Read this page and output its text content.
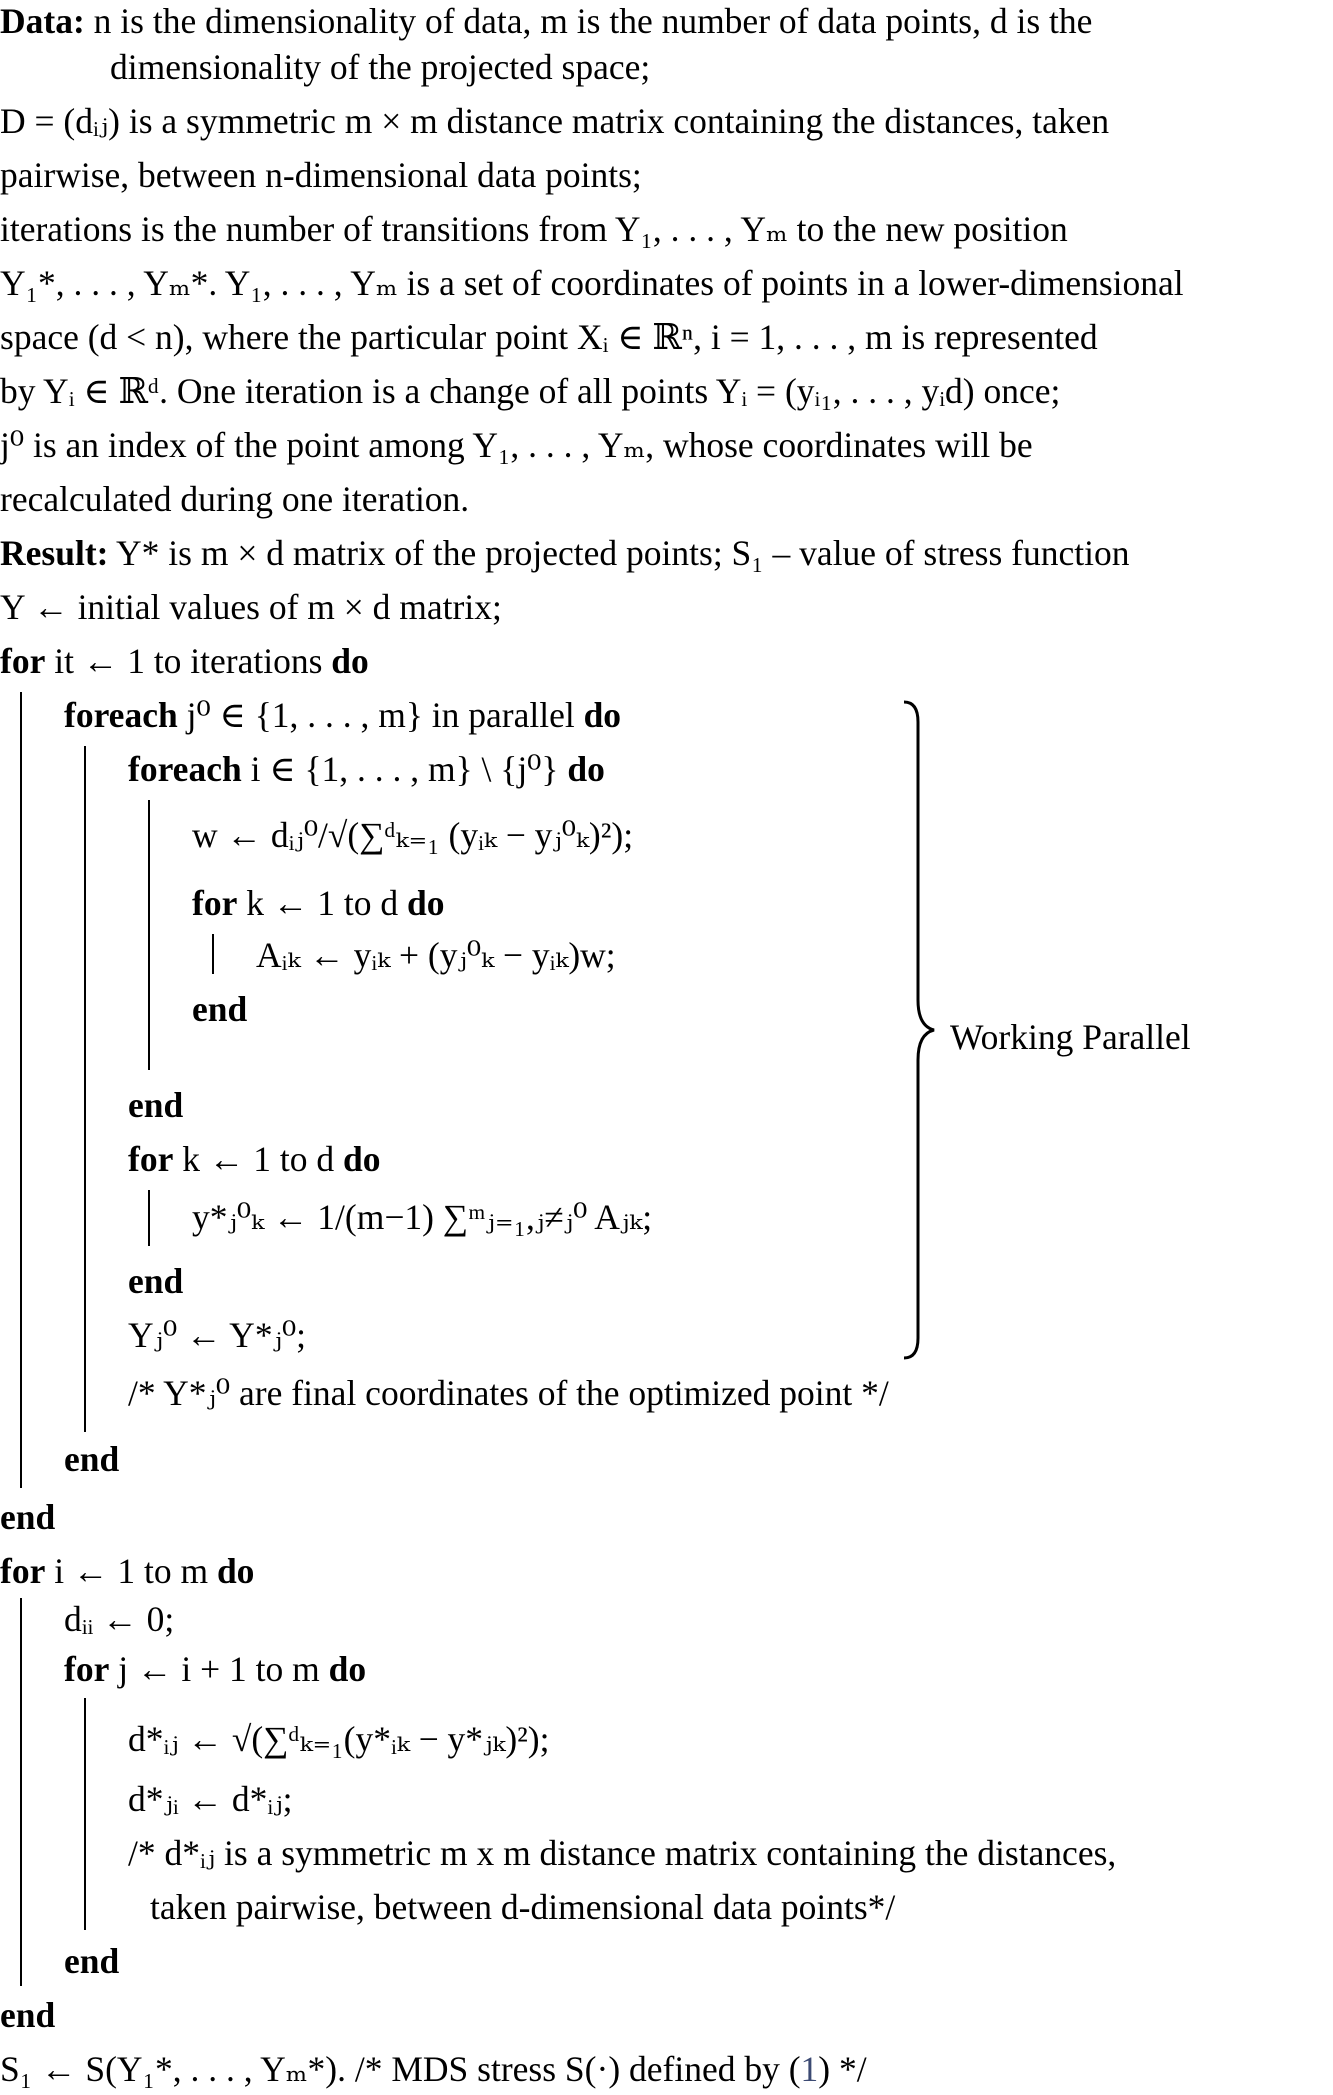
Data: n is the dimensionality of data, m is the number of data points, d is the
dimensionality of the projected space;
D = (dᵢⱼ) is a symmetric m × m distance matrix containing the distances, taken
pairwise, between n-dimensional data points;
iterations is the number of transitions from Y₁, . . . , Yₘ to the new position
Y₁*, . . . , Yₘ*. Y₁, . . . , Yₘ is a set of coordinates of points in a lower-dimensional
space (d < n), where the particular point Xᵢ ∈ ℝⁿ, i = 1, . . . , m is represented
by Yᵢ ∈ ℝᵈ. One iteration is a change of all points Yᵢ = (yᵢ₁, . . . , yᵢd) once;
j⁰ is an index of the point among Y₁, . . . , Yₘ, whose coordinates will be
recalculated during one iteration.
Result: Y* is m × d matrix of the projected points; S₁ – value of stress function
Y ← initial values of m × d matrix;
for it ← 1 to iterations do
foreach j⁰ ∈ {1, . . . , m} in parallel do
foreach i ∈ {1, . . . , m} \ {j⁰} do
w ← dᵢⱼ⁰/√(∑ᵈₖ₌₁ (yᵢₖ − yⱼ⁰ₖ)²);
for k ← 1 to d do
Aᵢₖ ← yᵢₖ + (yⱼ⁰ₖ − yᵢₖ)w;
end
end
for k ← 1 to d do
y*ⱼ⁰ₖ ← 1/(m−1) ∑ᵐⱼ₌₁,ⱼ≠ⱼ⁰ Aⱼₖ;
end
Yⱼ⁰ ← Y*ⱼ⁰;
/* Y*ⱼ⁰ are final coordinates of the optimized point */
end
end
for i ← 1 to m do
dᵢᵢ ← 0;
for j ← i + 1 to m do
d*ᵢⱼ ← √(∑ᵈₖ₌₁(y*ᵢₖ − y*ⱼₖ)²);
d*ⱼᵢ ← d*ᵢⱼ;
/* d*ᵢⱼ is a symmetric m x m distance matrix containing the distances,
taken pairwise, between d-dimensional data points*/
end
end
S₁ ← S(Y₁*, . . . , Yₘ*). /* MDS stress S(·) defined by (1) */
Working Parallel
